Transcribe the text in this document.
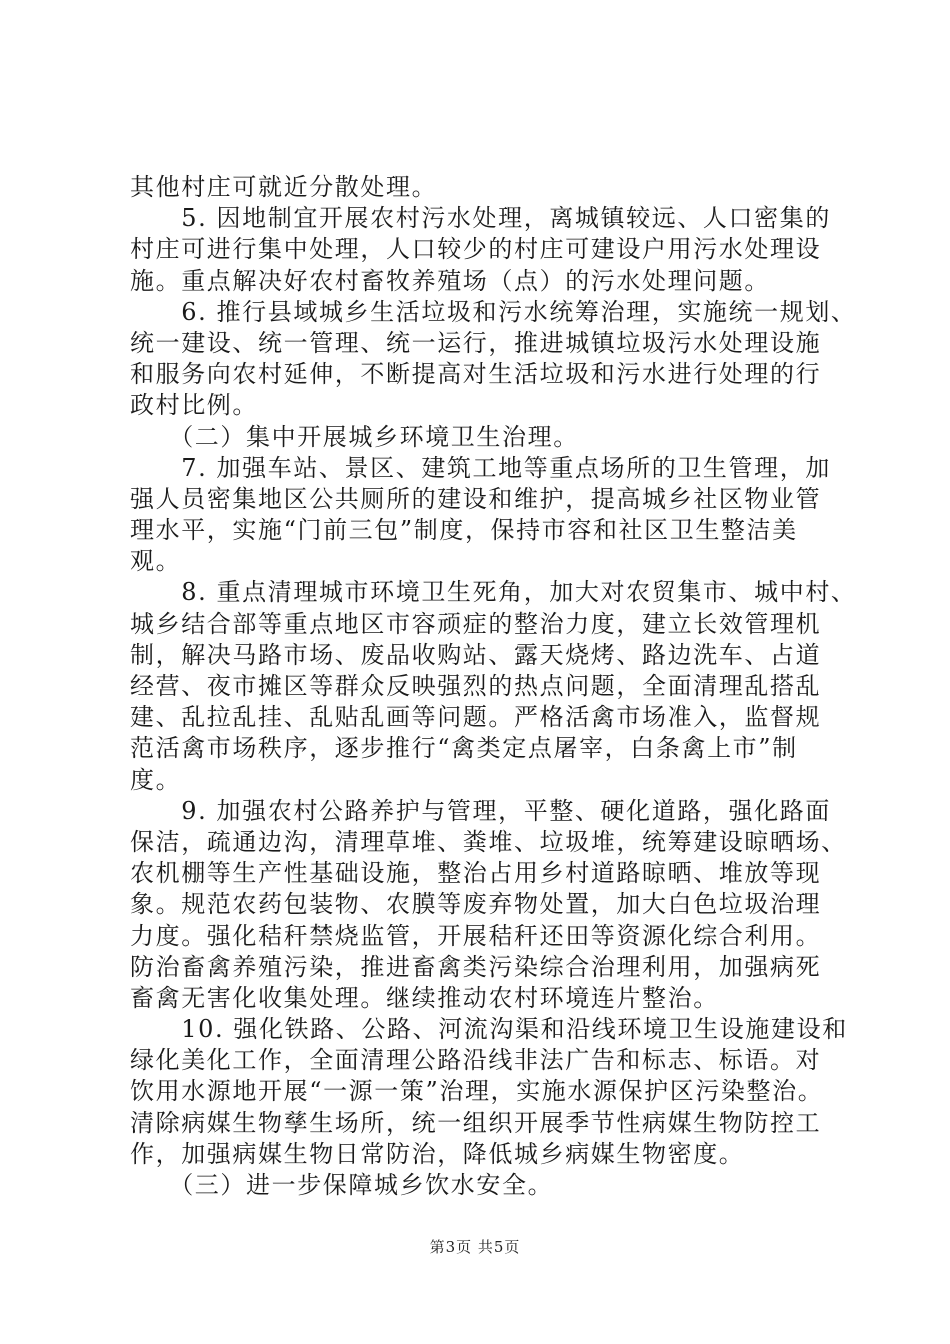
其他村庄可就近分散处理。
　　5. 因地制宜开展农村污水处理，离城镇较远、人口密集的
村庄可进行集中处理，人口较少的村庄可建设户用污水处理设
施。重点解决好农村畜牧养殖场（点）的污水处理问题。
　　6. 推行县域城乡生活垃圾和污水统筹治理，实施统一规划、
统一建设、统一管理、统一运行，推进城镇垃圾污水处理设施
和服务向农村延伸，不断提高对生活垃圾和污水进行处理的行
政村比例。
　　（二）集中开展城乡环境卫生治理。
　　7. 加强车站、景区、建筑工地等重点场所的卫生管理，加
强人员密集地区公共厕所的建设和维护，提高城乡社区物业管
理水平，实施“门前三包”制度，保持市容和社区卫生整洁美
观。
　　8. 重点清理城市环境卫生死角，加大对农贸集市、城中村、
城乡结合部等重点地区市容顽症的整治力度，建立长效管理机
制，解决马路市场、废品收购站、露天烧烤、路边洗车、占道
经营、夜市摊区等群众反映强烈的热点问题，全面清理乱搭乱
建、乱拉乱挂、乱贴乱画等问题。严格活禽市场准入，监督规
范活禽市场秩序，逐步推行“禽类定点屠宰，白条禽上市”制
度。
　　9. 加强农村公路养护与管理，平整、硬化道路，强化路面
保洁，疏通边沟，清理草堆、粪堆、垃圾堆，统筹建设晾晒场、
农机棚等生产性基础设施，整治占用乡村道路晾晒、堆放等现
象。规范农药包装物、农膜等废弃物处置，加大白色垃圾治理
力度。强化秸秆禁烧监管，开展秸秆还田等资源化综合利用。
防治畜禽养殖污染，推进畜禽类污染综合治理利用，加强病死
畜禽无害化收集处理。继续推动农村环境连片整治。
　　10. 强化铁路、公路、河流沟渠和沿线环境卫生设施建设和
绿化美化工作，全面清理公路沿线非法广告和标志、标语。对
饮用水源地开展“一源一策”治理，实施水源保护区污染整治。
清除病媒生物孳生场所，统一组织开展季节性病媒生物防控工
作，加强病媒生物日常防治，降低城乡病媒生物密度。
　　（三）进一步保障城乡饮水安全。
第3页 共5页
